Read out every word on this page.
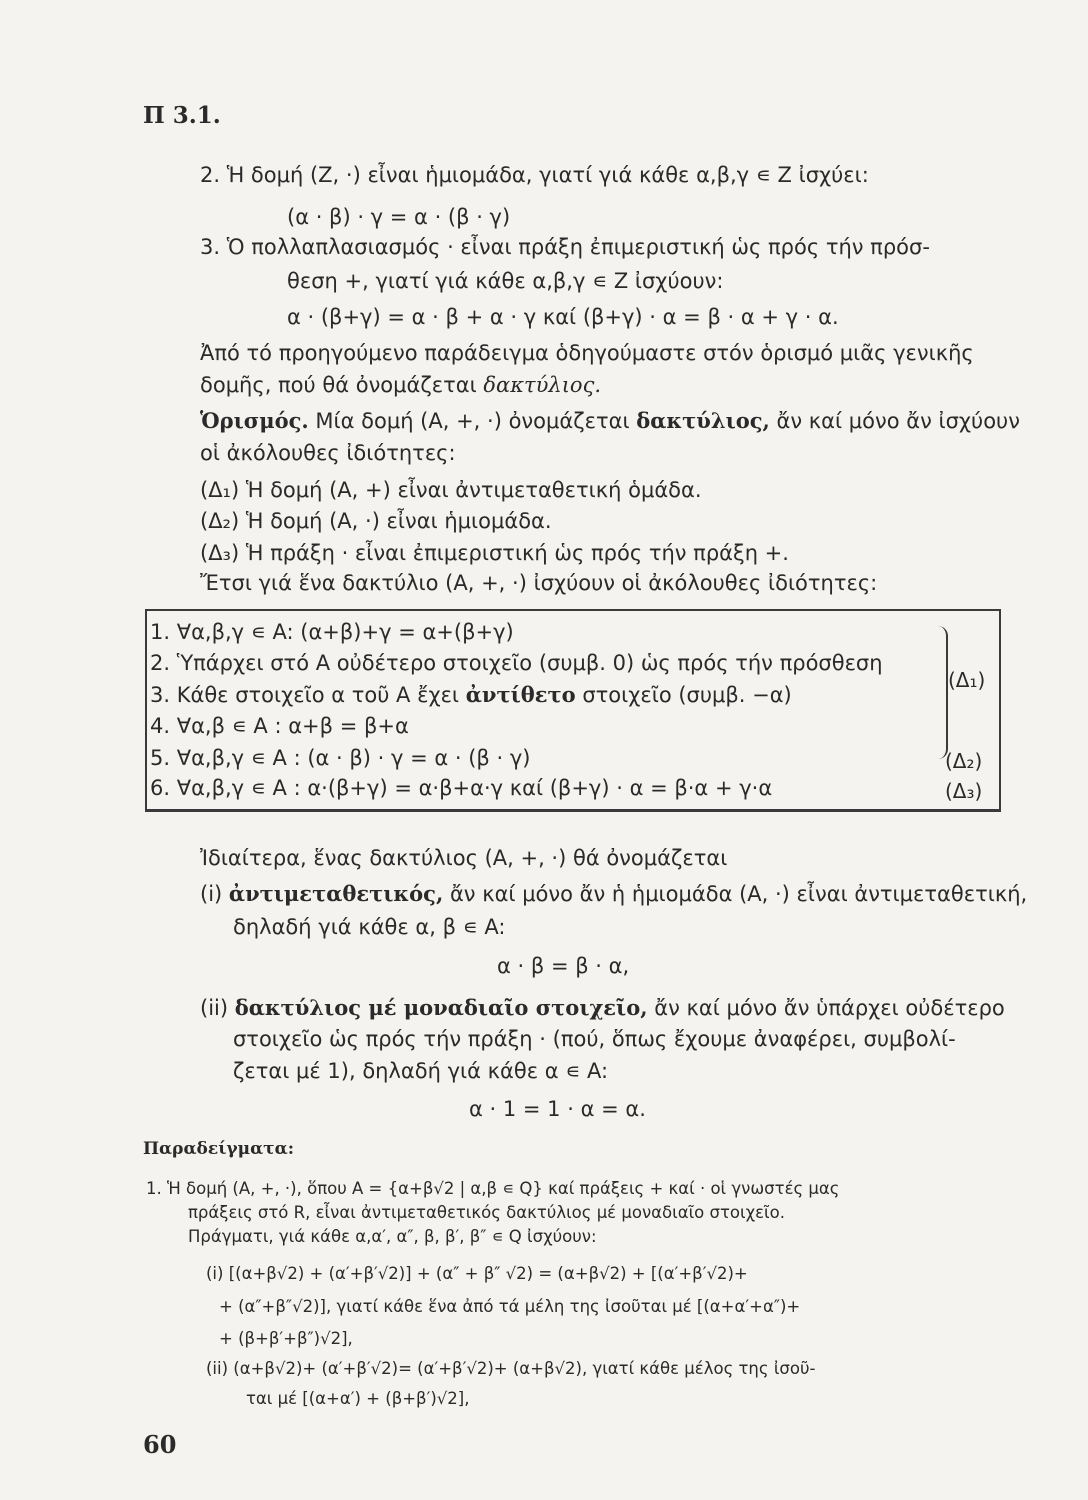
Π 3.1.
2. Ἡ δομή (Z, ·) εἶναι ἡμιομάδα, γιατί γιά κάθε α,β,γ ∊ Z ἰσχύει:
(α · β) · γ = α · (β · γ)
3. Ὁ πολλαπλασιασμός · εἶναι πράξη ἐπιμεριστική ὡς πρός τήν πρόσ-
θεση +, γιατί γιά κάθε α,β,γ ∊ Z ἰσχύουν:
α · (β+γ) = α · β + α · γ καί (β+γ) · α = β · α + γ · α.
Ἀπό τό προηγούμενο παράδειγμα ὁδηγούμαστε στόν ὁρισμό μιᾶς γενικῆς
δομῆς, πού θά ὀνομάζεται δακτύλιος.
Ὁρισμός. Μία δομή (A, +, ·) ὀνομάζεται δακτύλιος, ἄν καί μόνο ἄν ἰσχύουν
οἱ ἀκόλουθες ἰδιότητες:
(Δ₁) Ἡ δομή (A, +) εἶναι ἀντιμεταθετική ὁμάδα.
(Δ₂) Ἡ δομή (A, ·) εἶναι ἡμιομάδα.
(Δ₃) Ἡ πράξη · εἶναι ἐπιμεριστική ὡς πρός τήν πράξη +.
Ἔτσι γιά ἕνα δακτύλιο (A, +, ·) ἰσχύουν οἱ ἀκόλουθες ἰδιότητες:
1. ∀α,β,γ ∊ A: (α+β)+γ = α+(β+γ)
2. Ὑπάρχει στό A οὐδέτερο στοιχεῖο (συμβ. 0) ὡς πρός τήν πρόσθεση
3. Κάθε στοιχεῖο α τοῦ A ἔχει ἀντίθετο στοιχεῖο (συμβ. −α)
4. ∀α,β ∊ A : α+β = β+α
5. ∀α,β,γ ∊ A : (α · β) · γ = α · (β · γ)
6. ∀α,β,γ ∊ A : α·(β+γ) = α·β+α·γ καί (β+γ) · α = β·α + γ·α
(Δ₁)
(Δ₂)
(Δ₃)
Ἰδιαίτερα, ἕνας δακτύλιος (A, +, ·) θά ὀνομάζεται
(i) ἀντιμεταθετικός, ἄν καί μόνο ἄν ἡ ἡμιομάδα (A, ·) εἶναι ἀντιμεταθετική,
δηλαδή γιά κάθε α, β ∊ A:
α · β = β · α,
(ii) δακτύλιος μέ μοναδιαῖο στοιχεῖο, ἄν καί μόνο ἄν ὑπάρχει οὐδέτερο
στοιχεῖο ὡς πρός τήν πράξη · (πού, ὅπως ἔχουμε ἀναφέρει, συμβολί-
ζεται μέ 1), δηλαδή γιά κάθε α ∊ A:
α · 1 = 1 · α = α.
Παραδείγματα:
1. Ἡ δομή (A, +, ·), ὅπου A = {α+β√2 | α,β ∊ Q} καί πράξεις + καί · οἱ γνωστές μας
πράξεις στό R, εἶναι ἀντιμεταθετικός δακτύλιος μέ μοναδιαῖο στοιχεῖο.
Πράγματι, γιά κάθε α,α′, α″, β, β′, β″ ∊ Q ἰσχύουν:
(i) [(α+β√2) + (α′+β′√2)] + (α″ + β″ √2) = (α+β√2) + [(α′+β′√2)+
+ (α″+β″√2)], γιατί κάθε ἕνα ἀπό τά μέλη της ἰσοῦται μέ [(α+α′+α″)+
+ (β+β′+β″)√2],
(ii) (α+β√2)+ (α′+β′√2)= (α′+β′√2)+ (α+β√2), γιατί κάθε μέλος της ἰσοῦ-
ται μέ [(α+α′) + (β+β′)√2],
60
